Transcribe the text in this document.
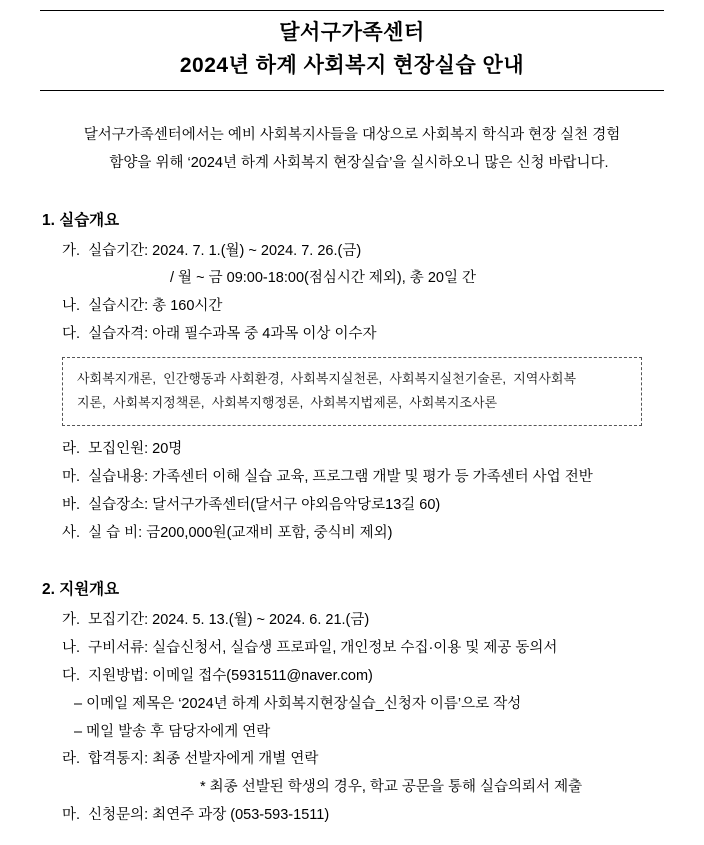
달서구가족센터
2024년 하계 사회복지 현장실습 안내

달서구가족센터에서는 예비 사회복지사들을 대상으로 사회복지 학식과 현장 실천 경험

함양을 위해 ‘2024년 하계 사회복지 현장실습’을 실시하오니 많은 신청 바랍니다.

1. 실습개요
가.  실습기간: 2024. 7. 1.(월) ~ 2024. 7. 26.(금)
/ 월 ~ 금 09:00-18:00(점심시간 제외), 총 20일 간
나.  실습시간: 총 160시간
다.  실습자격: 아래 필수과목 중 4과목 이상 이수자
사회복지개론,  인간행동과 사회환경,  사회복지실천론,  사회복지실천기술론,  지역사회복
지론,  사회복지정책론,  사회복지행정론,  사회복지법제론,  사회복지조사론
라.  모집인원: 20명
마.  실습내용: 가족센터 이해 실습 교육, 프로그램 개발 및 평가 등 가족센터 사업 전반
바.  실습장소: 달서구가족센터(달서구 야외음악당로13길 60)
사.  실 습 비: 금200,000원(교재비 포함, 중식비 제외)
2. 지원개요
가.  모집기간: 2024. 5. 13.(월) ~ 2024. 6. 21.(금)
나.  구비서류: 실습신청서, 실습생 프로파일, 개인정보 수집·이용 및 제공 동의서
다.  지원방법: 이메일 접수(5931511@naver.com)
– 이메일 제목은 ‘2024년 하계 사회복지현장실습_신청자 이름’으로 작성
– 메일 발송 후 담당자에게 연락
라.  합격통지: 최종 선발자에게 개별 연락
* 최종 선발된 학생의 경우, 학교 공문을 통해 실습의뢰서 제출
마.  신청문의: 최연주 과장 (053-593-1511)
